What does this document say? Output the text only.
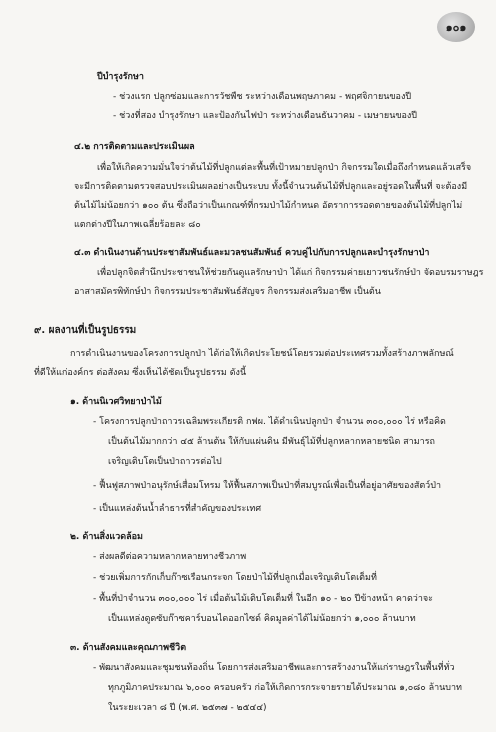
๑๐๑
ปีบำรุงรักษา
- ช่วงแรก ปลูกซ่อมและการวัชพืช ระหว่างเดือนพฤษภาคม - พฤศจิกายนของปี
- ช่วงที่สอง บำรุงรักษา และป้องกันไฟป่า ระหว่างเดือนธันวาคม - เมษายนของปี
๔.๒ การติดตามและประเมินผล
เพื่อให้เกิดความมั่นใจว่าต้นไม้ที่ปลูกแต่ละพื้นที่เป้าหมายปลูกป่า กิจกรรมใดเมื่อถึงกำหนดแล้วเสร็จ
จะมีการติดตามตรวจสอบประเมินผลอย่างเป็นระบบ ทั้งนี้จำนวนต้นไม้ที่ปลูกและอยู่รอดในพื้นที่ จะต้องมี
ต้นไม้ไม่น้อยกว่า ๑๐๐ ต้น ซึ่งถือว่าเป็นเกณฑ์ที่กรมป่าไม้กำหนด อัตราการรอดตายของต้นไม้ที่ปลูกไม่
แตกต่างปีในภาพเฉลี่ยร้อยละ ๘๐
๔.๓ ดำเนินงานด้านประชาสัมพันธ์และมวลชนสัมพันธ์ ควบคู่ไปกับการปลูกและบำรุงรักษาป่า
เพื่อปลูกจิตสำนึกประชาชนให้ช่วยกันดูแลรักษาป่า ได้แก่ กิจกรรมค่ายเยาวชนรักษ์ป่า จัดอบรมราษฎร
อาสาสมัครพิทักษ์ป่า กิจกรรมประชาสัมพันธ์สัญจร กิจกรรมส่งเสริมอาชีพ เป็นต้น
๙. ผลงานที่เป็นรูปธรรม
การดำเนินงานของโครงการปลูกป่า ได้ก่อให้เกิดประโยชน์โดยรวมต่อประเทศรวมทั้งสร้างภาพลักษณ์
ที่ดีให้แก่องค์กร ต่อสังคม ซึ่งเห็นได้ชัดเป็นรูปธรรม ดังนี้
๑. ด้านนิเวศวิทยาป่าไม้
- โครงการปลูกป่าถาวรเฉลิมพระเกียรติ กฟผ. ได้ดำเนินปลูกป่า จำนวน ๓๐๐,๐๐๐ ไร่ หรือคิด
เป็นต้นไม้มากกว่า ๔๕ ล้านต้น ให้กับแผ่นดิน มีพันธุ์ไม้ที่ปลูกหลากหลายชนิด สามารถ
เจริญเติบโตเป็นป่าถาวรต่อไป
- ฟื้นฟูสภาพป่าอนุรักษ์เสื่อมโทรม ให้ฟื้นสภาพเป็นป่าที่สมบูรณ์เพื่อเป็นที่อยู่อาศัยของสัตว์ป่า
- เป็นแหล่งต้นน้ำลำธารที่สำคัญของประเทศ
๒. ด้านสิ่งแวดล้อม
- ส่งผลดีต่อความหลากหลายทางชีวภาพ
- ช่วยเพิ่มการกักเก็บก๊าซเรือนกระจก โดยป่าไม้ที่ปลูกเมื่อเจริญเติบโตเต็มที่
- พื้นที่ป่าจำนวน ๓๐๐,๐๐๐ ไร่ เมื่อต้นไม้เติบโตเต็มที่ ในอีก ๑๐ - ๒๐ ปีข้างหน้า คาดว่าจะ
เป็นแหล่งดูดซับก๊าซคาร์บอนไดออกไซด์ คิดมูลค่าได้ไม่น้อยกว่า ๑,๐๐๐ ล้านบาท
๓. ด้านสังคมและคุณภาพชีวิต
- พัฒนาสังคมและชุมชนท้องถิ่น โดยการส่งเสริมอาชีพและการสร้างงานให้แก่ราษฎรในพื้นที่ทั่ว
ทุกภูมิภาคประมาณ ๖,๐๐๐ ครอบครัว ก่อให้เกิดการกระจายรายได้ประมาณ ๑,๐๘๐ ล้านบาท
ในระยะเวลา ๘ ปี (พ.ศ. ๒๕๓๗ - ๒๕๔๔)
